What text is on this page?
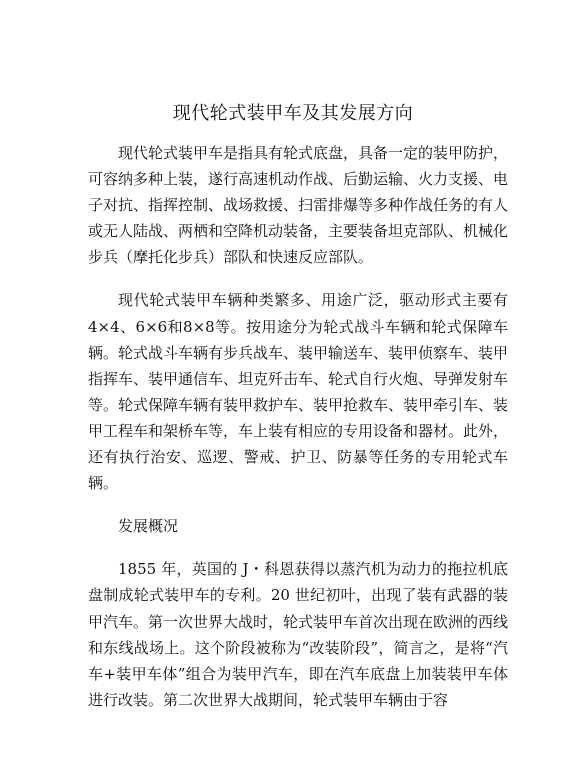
现代轮式装甲车及其发展方向

现代轮式装甲车是指具有轮式底盘，具备一定的装甲防护，可容纳多种上装，遂行高速机动作战、后勤运输、火力支援、电子对抗、指挥控制、战场救援、扫雷排爆等多种作战任务的有人或无人陆战、两栖和空降机动装备，主要装备坦克部队、机械化步兵（摩托化步兵）部队和快速反应部队。

现代轮式装甲车辆种类繁多、用途广泛，驱动形式主要有4×4、6×6和8×8等。按用途分为轮式战斗车辆和轮式保障车辆。轮式战斗车辆有步兵战车、装甲输送车、装甲侦察车、装甲指挥车、装甲通信车、坦克歼击车、轮式自行火炮、导弹发射车等。轮式保障车辆有装甲救护车、装甲抢救车、装甲牵引车、装甲工程车和架桥车等，车上装有相应的专用设备和器材。此外，还有执行治安、巡逻、警戒、护卫、防暴等任务的专用轮式车辆。

发展概况

1855 年，英国的 J・科恩获得以蒸汽机为动力的拖拉机底盘制成轮式装甲车的专利。20 世纪初叶，出现了装有武器的装甲汽车。第一次世界大战时，轮式装甲车首次出现在欧洲的西线和东线战场上。这个阶段被称为“改装阶段”，简言之，是将“汽车+装甲车体”组合为装甲汽车，即在汽车底盘上加装装甲车体进行改装。第二次世界大战期间，轮式装甲车辆由于容
